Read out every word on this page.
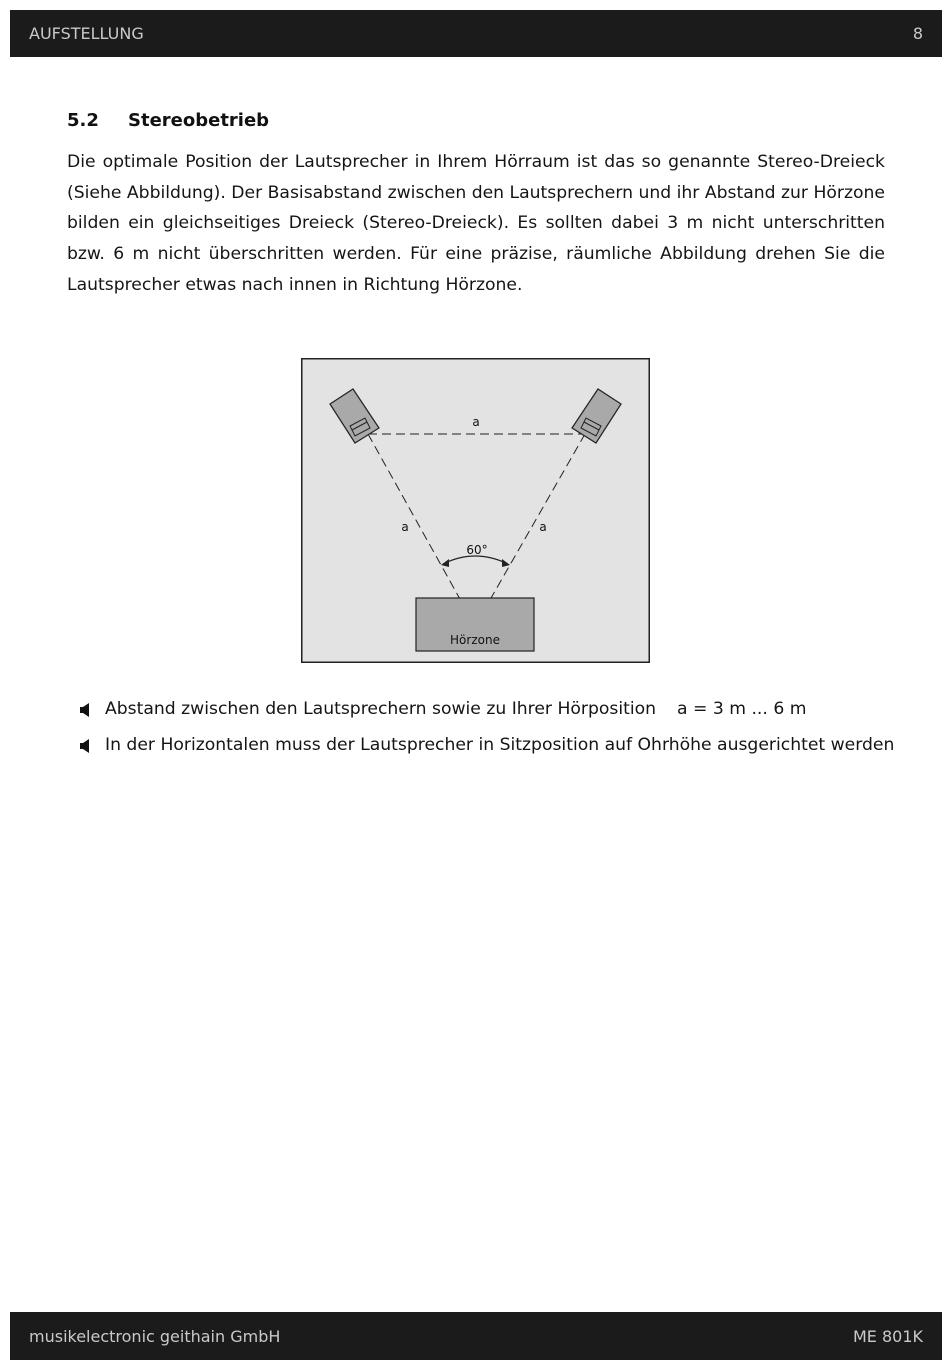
AUFSTELLUNG	8
5.2 Stereobetrieb
Die optimale Position der Lautsprecher in Ihrem Hörraum ist das so genannte Stereo-Dreieck (Siehe Abbildung). Der Basisabstand zwischen den Lautsprechern und ihr Abstand zur Hörzone bilden ein gleichseitiges Dreieck (Stereo-Dreieck). Es sollten dabei 3 m nicht unterschritten bzw. 6 m nicht überschritten werden. Für eine präzise, räumliche Abbildung drehen Sie die Lautsprecher etwas nach innen in Richtung Hörzone.
a
a	a
60°
Hörzone
Abstand zwischen den Lautsprechern sowie zu Ihrer Hörposition a = 3 m ... 6 m
In der Horizontalen muss der Lautsprecher in Sitzposition auf Ohrhöhe ausgerichtet werden
musikelectronic geithain GmbH	ME 801K
